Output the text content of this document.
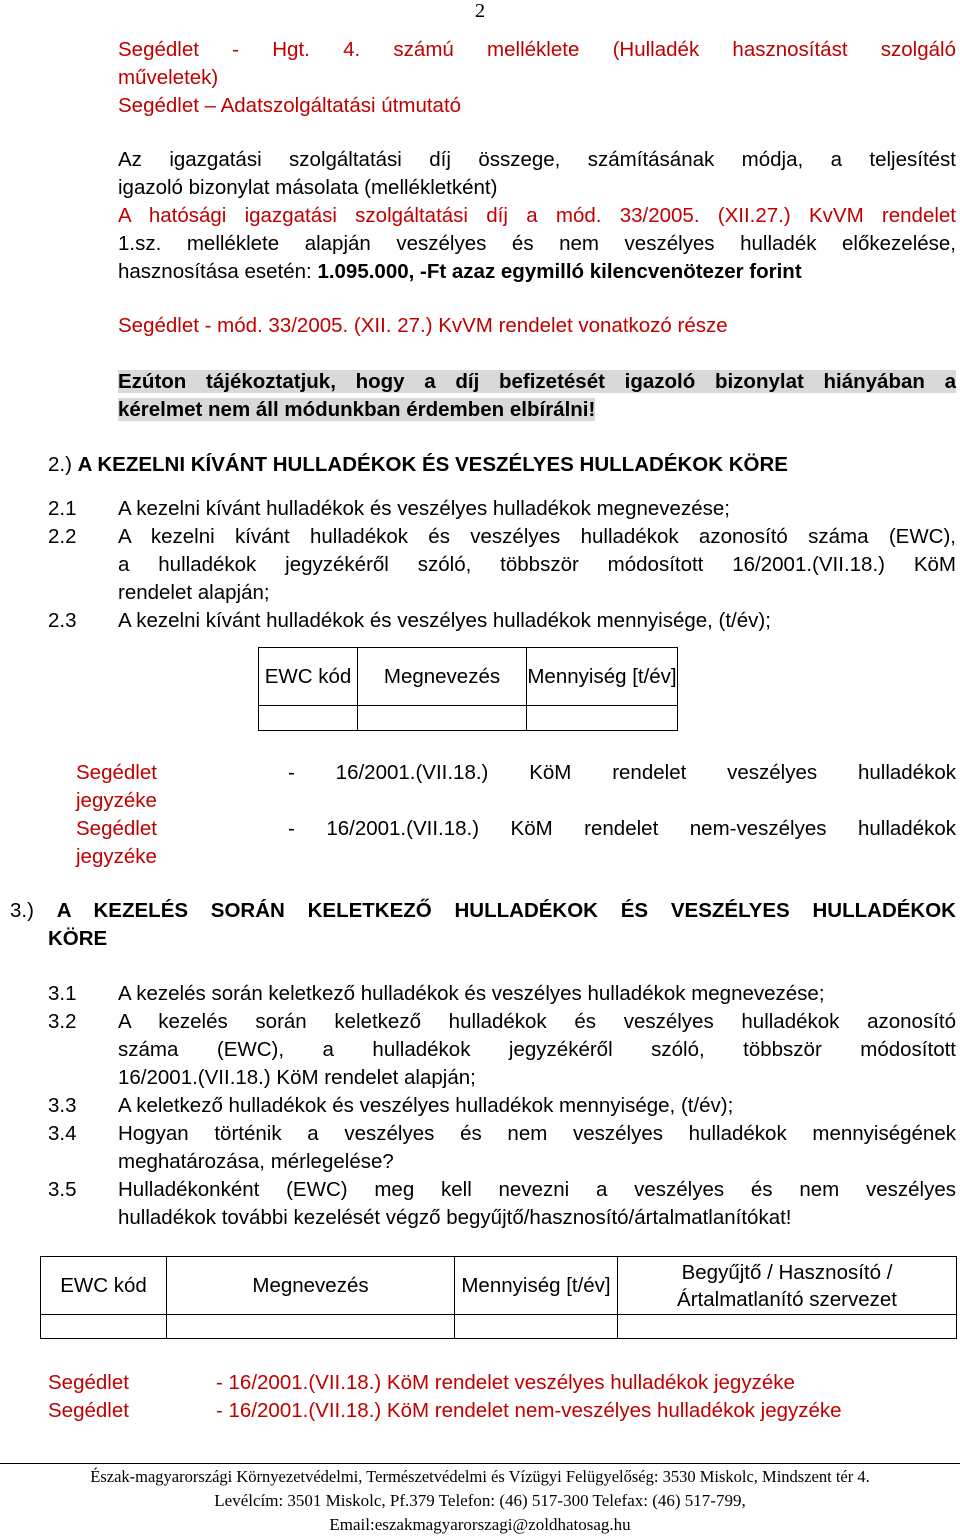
2
Segédlet - Hgt. 4. számú melléklete (Hulladék hasznosítást szolgáló
műveletek)
Segédlet – Adatszolgáltatási útmutató
Az igazgatási szolgáltatási díj összege, számításának módja, a teljesítést
igazoló bizonylat másolata (mellékletként)
A hatósági igazgatási szolgáltatási díj a mód. 33/2005. (XII.27.) KvVM rendelet
1.sz. melléklete alapján veszélyes és nem veszélyes hulladék előkezelése,
hasznosítása esetén: 1.095.000, -Ft azaz egymilló kilencvenötezer forint
Segédlet - mód. 33/2005. (XII. 27.) KvVM rendelet vonatkozó része
Ezúton tájékoztatjuk, hogy a díj befizetését igazoló bizonylat hiányában a
kérelmet nem áll módunkban érdemben elbírálni!
2.) A KEZELNI KÍVÁNT HULLADÉKOK ÉS VESZÉLYES HULLADÉKOK KÖRE
2.1 A kezelni kívánt hulladékok és veszélyes hulladékok megnevezése;
2.2 A kezelni kívánt hulladékok és veszélyes hulladékok azonosító száma (EWC),
a hulladékok jegyzékéről szóló, többször módosított 16/2001.(VII.18.) KöM
rendelet alapján;
2.3 A kezelni kívánt hulladékok és veszélyes hulladékok mennyisége, (t/év);
EWC kód	Megnevezés	Mennyiség [t/év]

Segédlet	- 16/2001.(VII.18.) KöM rendelet veszélyes hulladékok
jegyzéke
Segédlet	- 16/2001.(VII.18.) KöM rendelet nem-veszélyes hulladékok
jegyzéke
3.) A KEZELÉS SORÁN KELETKEZŐ HULLADÉKOK ÉS VESZÉLYES HULLADÉKOK
KÖRE
3.1 A kezelés során keletkező hulladékok és veszélyes hulladékok megnevezése;
3.2 A kezelés során keletkező hulladékok és veszélyes hulladékok azonosító
száma (EWC), a hulladékok jegyzékéről szóló, többször módosított
16/2001.(VII.18.) KöM rendelet alapján;
3.3 A keletkező hulladékok és veszélyes hulladékok mennyisége, (t/év);
3.4 Hogyan történik a veszélyes és nem veszélyes hulladékok mennyiségének
meghatározása, mérlegelése?
3.5 Hulladékonként (EWC) meg kell nevezni a veszélyes és nem veszélyes
hulladékok további kezelését végző begyűjtő/hasznosító/ártalmatlanítókat!
EWC kód	Megnevezés	Mennyiség [t/év]	Begyűjtő / Hasznosító / Ártalmatlanító szervezet

Segédlet	- 16/2001.(VII.18.) KöM rendelet veszélyes hulladékok jegyzéke
Segédlet	- 16/2001.(VII.18.) KöM rendelet nem-veszélyes hulladékok jegyzéke
Észak-magyarországi Környezetvédelmi, Természetvédelmi és Vízügyi Felügyelőség: 3530 Miskolc, Mindszent tér 4.
Levélcím: 3501 Miskolc, Pf.379 Telefon: (46) 517-300 Telefax: (46) 517-799,
Email:eszakmagyarorszagi@zoldhatosag.hu
